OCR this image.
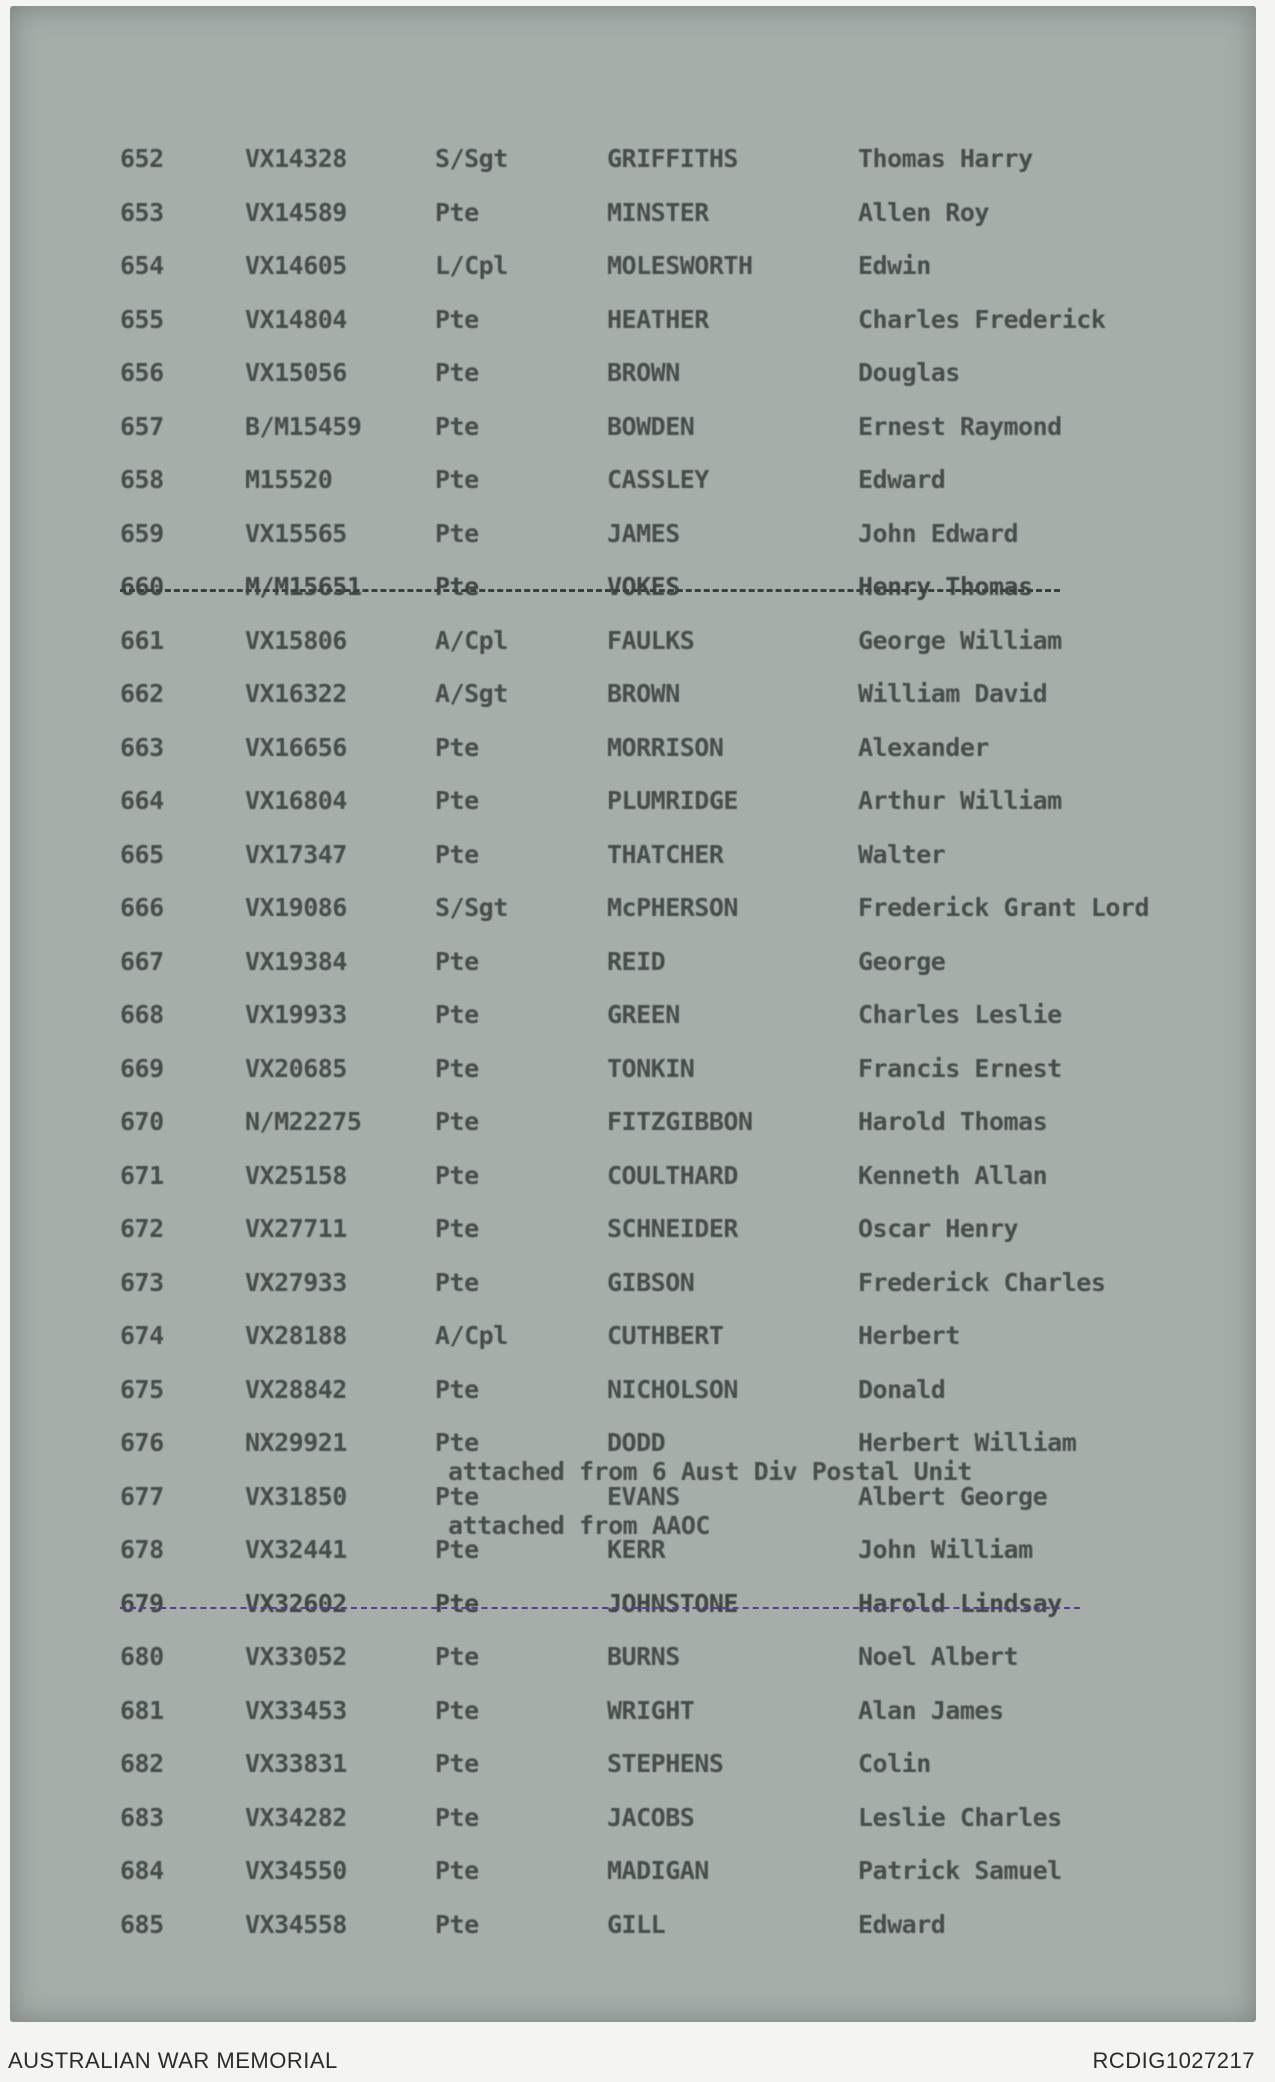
652	VX14328	S/Sgt	GRIFFITHS	Thomas Harry
653	VX14589	Pte	MINSTER	Allen Roy
654	VX14605	L/Cpl	MOLESWORTH	Edwin
655	VX14804	Pte	HEATHER	Charles Frederick
656	VX15056	Pte	BROWN	Douglas
657	B/M15459	Pte	BOWDEN	Ernest Raymond
658	M15520	Pte	CASSLEY	Edward
659	VX15565	Pte	JAMES	John Edward
660	M/M15651	Pte	VOKES	Henry Thomas
661	VX15806	A/Cpl	FAULKS	George William
662	VX16322	A/Sgt	BROWN	William David
663	VX16656	Pte	MORRISON	Alexander
664	VX16804	Pte	PLUMRIDGE	Arthur William
665	VX17347	Pte	THATCHER	Walter
666	VX19086	S/Sgt	McPHERSON	Frederick Grant Lord
667	VX19384	Pte	REID	George
668	VX19933	Pte	GREEN	Charles Leslie
669	VX20685	Pte	TONKIN	Francis Ernest
670	N/M22275	Pte	FITZGIBBON	Harold Thomas
671	VX25158	Pte	COULTHARD	Kenneth Allan
672	VX27711	Pte	SCHNEIDER	Oscar Henry
673	VX27933	Pte	GIBSON	Frederick Charles
674	VX28188	A/Cpl	CUTHBERT	Herbert
675	VX28842	Pte	NICHOLSON	Donald
676	NX29921	Pte	DODD	Herbert William
677	VX31850	Pte	EVANS	Albert George
678	VX32441	Pte	KERR	John William
679	VX32602	Pte	JOHNSTONE	Harold Lindsay
680	VX33052	Pte	BURNS	Noel Albert
681	VX33453	Pte	WRIGHT	Alan James
682	VX33831	Pte	STEPHENS	Colin
683	VX34282	Pte	JACOBS	Leslie Charles
684	VX34550	Pte	MADIGAN	Patrick Samuel
685	VX34558	Pte	GILL	Edward
attached from 6 Aust Div Postal Unit
attached from AAOC
AUSTRALIAN WAR MEMORIAL	RCDIG1027217
